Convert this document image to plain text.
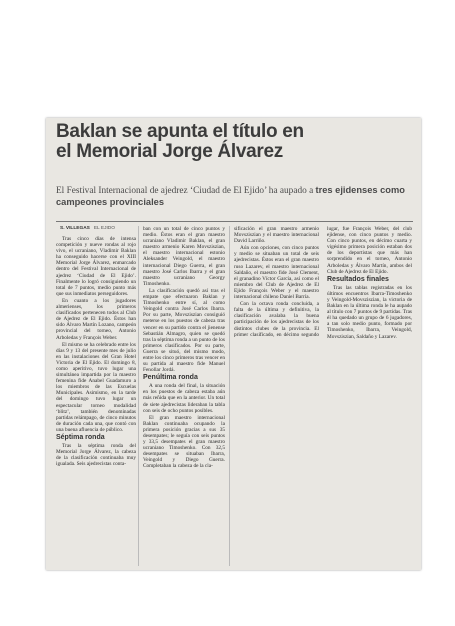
Baklan se apunta el título en
el Memorial Jorge Álvarez
El Festival Internacional de ajedrez ‘Ciudad de El Ejido’ ha aupado a tres ejidenses como campeones provinciales
S. VILLEGAS EL EJIDO

Tras cinco días de intensa competición y nueve rondas al rojo vivo, el ucraniano, Vladimir Baklan ha conseguido hacerse con el XIII Memorial Jorge Álvarez, enmarcado dentro del Festival Internacional de ajedrez ‘Ciudad de El Ejido’. Finalmente lo logró consiguiendo un total de 7 puntos, medio punto más que sus inmediatos perseguidores.

En cuanto a los jugadores almerienses, los primeros clasificados pertenecen todos al Club de Ajedrez de El Ejido. Éstos han sido Álvaro Martín Lozano, campeón provincial del torneo, Antonio Arboledas y François Weber.

El mismo se ha celebrado entre los días 9 y 13 del presente mes de julio en las instalaciones del Gran Hotel Victoria de El Ejido. El domingo 8, como aperitivo, tuvo lugar una simultánea impartida por la maestro femenina fide Anabel Guadamuro a los miembros de las Escuelas Municipales. Asimismo, en la tarde del domingo tuvo lugar un espectacular torneo modalidad ‘blitz’, también denominadas partidas relámpago, de cinco minutos de duración cada una, que contó con una buena afluencia de público.

Séptima ronda

Tras la séptima ronda del Memorial Jorge Álvarez, la cabeza de la clasificación continuaba muy igualada. Seis ajedrecistas conta-

ban con un total de cinco puntos y medio. Éstos eran el gran maestro ucraniano Vladimir Baklan, el gran maestro armenio Karen Movsziszian, el maestro internacional estonio Aleksander Veingold, el maestro internacional Diego Guerra, el gran maestro José Carlos Ibarra y el gran maestro ucraniano Georgy Timoshenko.

La clasificación quedó así tras el empate que efectuaron Baklan y Timoshenko entre sí, al como Veingold contra José Carlos Ibarra. Por su parte, Movsziszian consiguió meterse en los puestos de cabeza tras vencer en su partido contra el jienense Sebastián Almagro, quien se quedó tras la séptima ronda a un punto de los primeros clasificados. Por su parte, Guerra se situó, del mismo modo, entre los cinco primeros tras vencer en su partida al maestro fide Manuel Fenollar Jordá.

Penúltima ronda

A una ronda del final, la situación en los puestos de cabeza estaba aún más reñida que en la anterior. Un total de siete ajedrecistas lideraban la tabla con seis de ocho puntos posibles.

El gran maestro internacional Baklan continuaba ocupando la primera posición gracias a sus 35 desempates; le seguía con seis puntos y 33,5 desempates el gran maestro ucraniano Timoshenko. Con 32,5 desempates se situaban Ibarra, Veingold y Diego Guerra. Completaban la cabeza de la cla-

sificación el gran maestro armenio Movsziszian y el maestro internacional David Larriño.

Aún con opciones, con cinco puntos y medio se situaban un total de seis ajedrecistas. Éstos eran el gran maestro ruso Lazarev, el maestro internacional Saldaño, el maestro fide José Clement, el granadino Víctor García, así como el miembro del Club de Ajedrez de El Ejido François Weber y el maestro internacional chileno Daniel Barría.

Con la octava ronda concluida, a falta de la última y definitiva, la clasificación avalaba la buena participación de los ajedrecistas de los distintos clubes de la provincia. El primer clasificado, en décimo segundo lugar, fue François Weber, del club ejidense, con cinco puntos y medio. Con cinco puntos, en décimo cuarta y vigésimo primera posición estaban dos de los deportistas que más han sorprendido en el torneo, Antonio Arboledas y Álvaro Martín, ambos del Club de Ajedrez de El Ejido.

Resultados finales

Tras las tablas registradas en los últimos encuentros Ibarra-Timoshenko y Veingold-Movsziszian, la victoria de Baklan en la última ronda le ha aupado al título con 7 puntos de 9 partidas. Tras él ha quedado un grupo de 6 jugadores, a tan solo medio punto, formado por Timoshenko, Ibarra, Veingold, Movsziszian, Saldaño y Lazarev.
